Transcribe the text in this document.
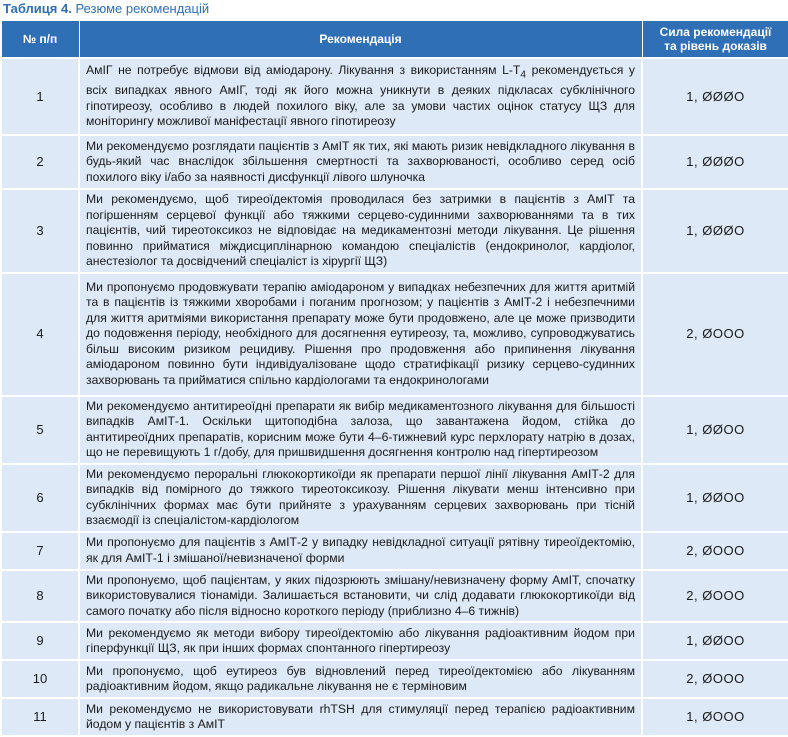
Таблиця 4. Резюме рекомендацій
№ п/п	Рекомендація	Сила рекомендації
та рівень доказів
1	АмІГ не потребує відмови від аміодарону. Лікування з використанням $L-T_4$ рекомендується у всіх випадках явного АмІГ, тоді як його можна уникнути в деяких підкласах субклінічного гіпотиреозу, особливо в людей похилого віку, але за умови частих оцінок статусу ЩЗ для моніторингу можливої маніфестації явного гіпотиреозу	1, ØØØO
2	Ми рекомендуємо розглядати пацієнтів з АмІТ як тих, які мають ризик невідкладного лікування в будь-який час внаслідок збільшення смертності та захворюваності, особливо серед осіб похилого віку і/або за наявності дисфункції лівого шлуночка	1, ØØØO
3	Ми рекомендуємо, щоб тиреоїдектомія проводилася без затримки в пацієнтів з АмІТ та погіршенням серцевої функції або тяжкими серцево-судинними захворюваннями та в тих пацієнтів, чий тиреотоксикоз не відповідає на медикаментозні методи лікування. Це рішення повинно прийматися міждисциплінарною командою спеціалістів (ендокринолог, кардіолог, анестезіолог та досвідчений спеціаліст із хірургії ЩЗ)	1, ØØØO
4	Ми пропонуємо продовжувати терапію аміодароном у випадках небезпечних для життя аритмій та в пацієнтів із тяжкими хворобами і поганим прогнозом; у пацієнтів з АмІТ-2 і небезпечними для життя аритміями використання препарату може бути продовжено, але це може призводити до подовження періоду, необхідного для досягнення еутиреозу, та, можливо, супроводжуватись більш високим ризиком рецидиву. Рішення про продовження або припинення лікування аміодароном повинно бути індивідуалізоване щодо стратифікації ризику серцево-судинних захворювань та прийматися спільно кардіологами та ендокринологами	2, ØOOO
5	Ми рекомендуємо антитиреоїдні препарати як вибір медикаментозного лікування для більшості випадків АмІТ-1. Оскільки щитоподібна залоза, що завантажена йодом, стійка до антитиреоїдних препаратів, корисним може бути 4–6-тижневий курс перхлорату натрію в дозах, що не перевищують 1 г/добу, для пришвидшення досягнення контролю над гіпертиреозом	1, ØØOO
6	Ми рекомендуємо пероральні глюкокортикоїди як препарати першої лінії лікування АмІТ-2 для випадків від помірного до тяжкого тиреотоксикозу. Рішення лікувати менш інтенсивно при субклінічних формах має бути прийняте з урахуванням серцевих захворювань при тісній взаємодії із спеціалістом-кардіологом	1, ØØOO
7	Ми пропонуємо для пацієнтів з АмІТ-2 у випадку невідкладної ситуації рятівну тиреоїдектомію, як для АмІТ-1 і змішаної/невизначеної форми	2, ØOOO
8	Ми пропонуємо, щоб пацієнтам, у яких підозрюють змішану/невизначену форму АмІТ, спочатку використовувалися тіонаміди. Залишається встановити, чи слід додавати глюкокортикоїди від самого початку або після відносно короткого періоду (приблизно 4–6 тижнів)	2, ØOOO
9	Ми рекомендуємо як методи вибору тиреоїдектомію або лікування радіоактивним йодом при гіперфункції ЩЗ, як при інших формах спонтанного гіпертиреозу	1, ØØOO
10	Ми пропонуємо, щоб еутиреоз був відновлений перед тиреоїдектомією або лікуванням радіоактивним йодом, якщо радикальне лікування не є терміновим	2, ØOOO
11	Ми рекомендуємо не використовувати rhTSH для стимуляції перед терапією радіоактивним йодом у пацієнтів з АмІТ	1, ØOOO
